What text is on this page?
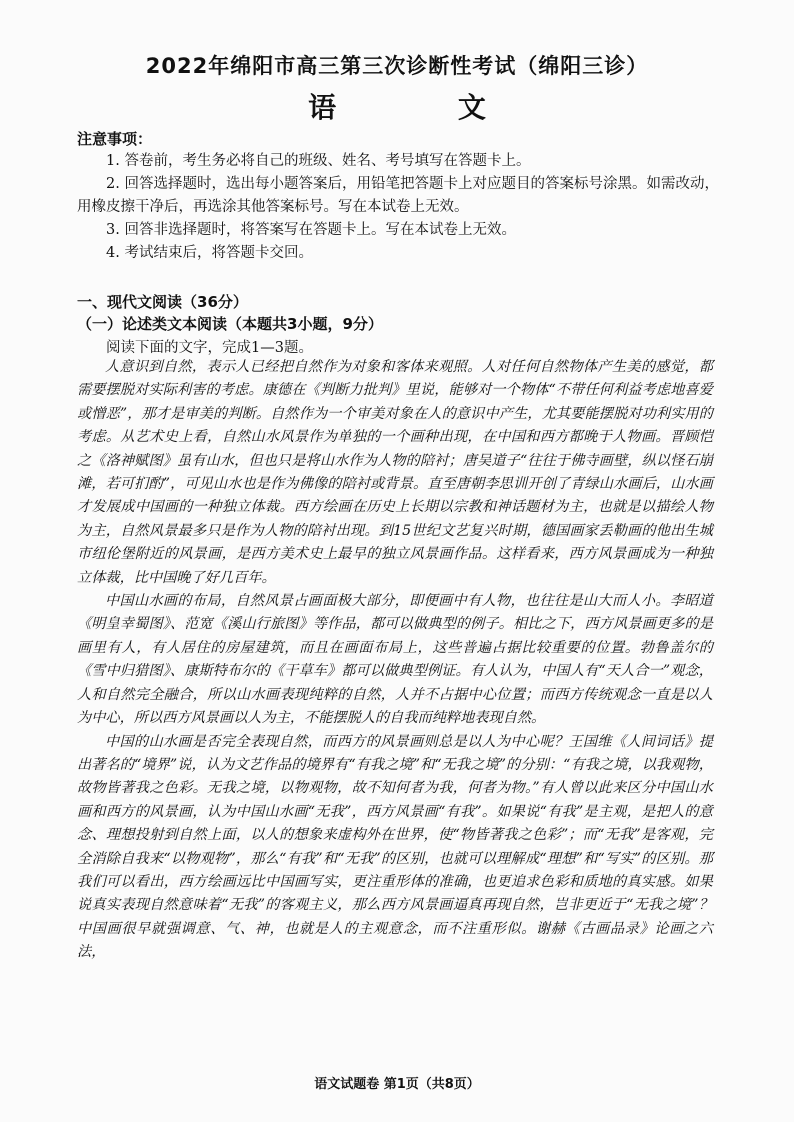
2022年绵阳市高三第三次诊断性考试（绵阳三诊）
语 文
注意事项：

1. 答卷前，考生务必将自己的班级、姓名、考号填写在答题卡上。

2. 回答选择题时，选出每小题答案后，用铅笔把答题卡上对应题目的答案标号涂黑。如需改动，用橡皮擦干净后，再选涂其他答案标号。写在本试卷上无效。

3. 回答非选择题时，将答案写在答题卡上。写在本试卷上无效。

4. 考试结束后，将答题卡交回。

一、现代文阅读（36分）
（一）论述类文本阅读（本题共3小题，9分）
阅读下面的文字，完成1—3题。

人意识到自然，表示人已经把自然作为对象和客体来观照。人对任何自然物体产生美的感觉，都需要摆脱对实际利害的考虑。康德在《判断力批判》里说，能够对一个物体“不带任何利益考虑地喜爱或憎恶”，那才是审美的判断。自然作为一个审美对象在人的意识中产生，尤其要能摆脱对功利实用的考虑。从艺术史上看，自然山水风景作为单独的一个画种出现，在中国和西方都晚于人物画。晋顾恺之《洛神赋图》虽有山水，但也只是将山水作为人物的陪衬；唐吴道子“往往于佛寺画壁，纵以怪石崩滩，若可扪酌”，可见山水也是作为佛像的陪衬或背景。直至唐朝李思训开创了青绿山水画后，山水画才发展成中国画的一种独立体裁。西方绘画在历史上长期以宗教和神话题材为主，也就是以描绘人物为主，自然风景最多只是作为人物的陪衬出现。到15世纪文艺复兴时期，德国画家丢勒画的他出生城市纽伦堡附近的风景画，是西方美术史上最早的独立风景画作品。这样看来，西方风景画成为一种独立体裁，比中国晚了好几百年。

中国山水画的布局，自然风景占画面极大部分，即便画中有人物，也往往是山大而人小。李昭道《明皇幸蜀图》、范宽《溪山行旅图》等作品，都可以做典型的例子。相比之下，西方风景画更多的是画里有人，有人居住的房屋建筑，而且在画面布局上，这些普遍占据比较重要的位置。勃鲁盖尔的《雪中归猎图》、康斯特布尔的《干草车》都可以做典型例证。有人认为，中国人有“天人合一”观念，人和自然完全融合，所以山水画表现纯粹的自然，人并不占据中心位置；而西方传统观念一直是以人为中心，所以西方风景画以人为主，不能摆脱人的自我而纯粹地表现自然。

中国的山水画是否完全表现自然，而西方的风景画则总是以人为中心呢？王国维《人间词话》提出著名的“境界”说，认为文艺作品的境界有“有我之境”和“无我之境”的分别：“有我之境，以我观物，故物皆著我之色彩。无我之境，以物观物，故不知何者为我，何者为物。”有人曾以此来区分中国山水画和西方的风景画，认为中国山水画“无我”，西方风景画“有我”。如果说“有我”是主观，是把人的意念、理想投射到自然上面，以人的想象来虚构外在世界，使“物皆著我之色彩”；而“无我”是客观，完全消除自我来“以物观物”，那么“有我”和“无我”的区别，也就可以理解成“理想”和“写实”的区别。那我们可以看出，西方绘画远比中国画写实，更注重形体的准确，也更追求色彩和质地的真实感。如果说真实表现自然意味着“无我”的客观主义，那么西方风景画逼真再现自然，岂非更近于“无我之境”？中国画很早就强调意、气、神，也就是人的主观意念，而不注重形似。谢赫《古画品录》论画之六法，

语文试题卷 第1页（共8页）
